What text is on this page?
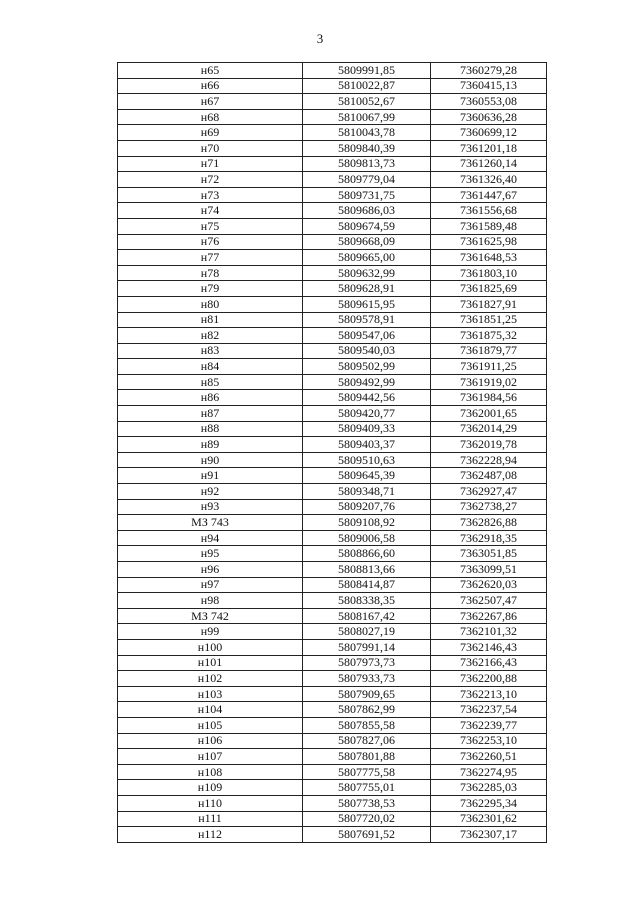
3
н65	5809991,85	7360279,28
н66	5810022,87	7360415,13
н67	5810052,67	7360553,08
н68	5810067,99	7360636,28
н69	5810043,78	7360699,12
н70	5809840,39	7361201,18
н71	5809813,73	7361260,14
н72	5809779,04	7361326,40
н73	5809731,75	7361447,67
н74	5809686,03	7361556,68
н75	5809674,59	7361589,48
н76	5809668,09	7361625,98
н77	5809665,00	7361648,53
н78	5809632,99	7361803,10
н79	5809628,91	7361825,69
н80	5809615,95	7361827,91
н81	5809578,91	7361851,25
н82	5809547,06	7361875,32
н83	5809540,03	7361879,77
н84	5809502,99	7361911,25
н85	5809492,99	7361919,02
н86	5809442,56	7361984,56
н87	5809420,77	7362001,65
н88	5809409,33	7362014,29
н89	5809403,37	7362019,78
н90	5809510,63	7362228,94
н91	5809645,39	7362487,08
н92	5809348,71	7362927,47
н93	5809207,76	7362738,27
МЗ 743	5809108,92	7362826,88
н94	5809006,58	7362918,35
н95	5808866,60	7363051,85
н96	5808813,66	7363099,51
н97	5808414,87	7362620,03
н98	5808338,35	7362507,47
МЗ 742	5808167,42	7362267,86
н99	5808027,19	7362101,32
н100	5807991,14	7362146,43
н101	5807973,73	7362166,43
н102	5807933,73	7362200,88
н103	5807909,65	7362213,10
н104	5807862,99	7362237,54
н105	5807855,58	7362239,77
н106	5807827,06	7362253,10
н107	5807801,88	7362260,51
н108	5807775,58	7362274,95
н109	5807755,01	7362285,03
н110	5807738,53	7362295,34
н111	5807720,02	7362301,62
н112	5807691,52	7362307,17
